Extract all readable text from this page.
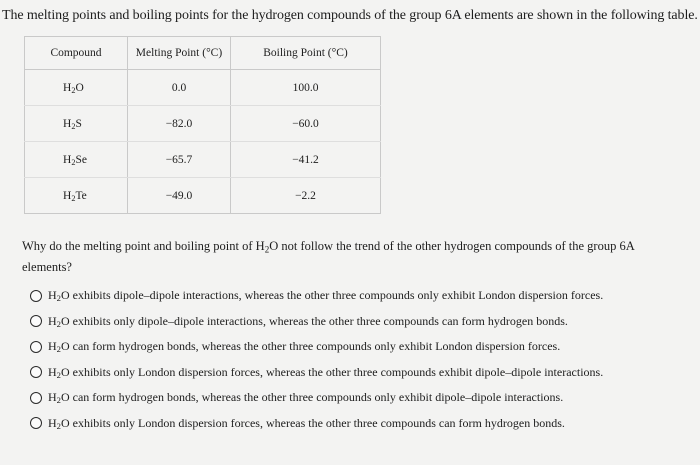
The melting points and boiling points for the hydrogen compounds of the group 6A elements are shown in the following table.
Compound	Melting Point (°C)	Boiling Point (°C)
$H_2O$	0.0	100.0
$H_2S$	−82.0	−60.0
$H_2Se$	−65.7	−41.2
$H_2Te$	−49.0	−2.2
Why do the melting point and boiling point of $H_2O$ not follow the trend of the other hydrogen compounds of the group 6A elements?
$H_2O$ exhibits dipole–dipole interactions, whereas the other three compounds only exhibit London dispersion forces.
$H_2O$ exhibits only dipole–dipole interactions, whereas the other three compounds can form hydrogen bonds.
$H_2O$ can form hydrogen bonds, whereas the other three compounds only exhibit London dispersion forces.
$H_2O$ exhibits only London dispersion forces, whereas the other three compounds exhibit dipole–dipole interactions.
$H_2O$ can form hydrogen bonds, whereas the other three compounds only exhibit dipole–dipole interactions.
$H_2O$ exhibits only London dispersion forces, whereas the other three compounds can form hydrogen bonds.
